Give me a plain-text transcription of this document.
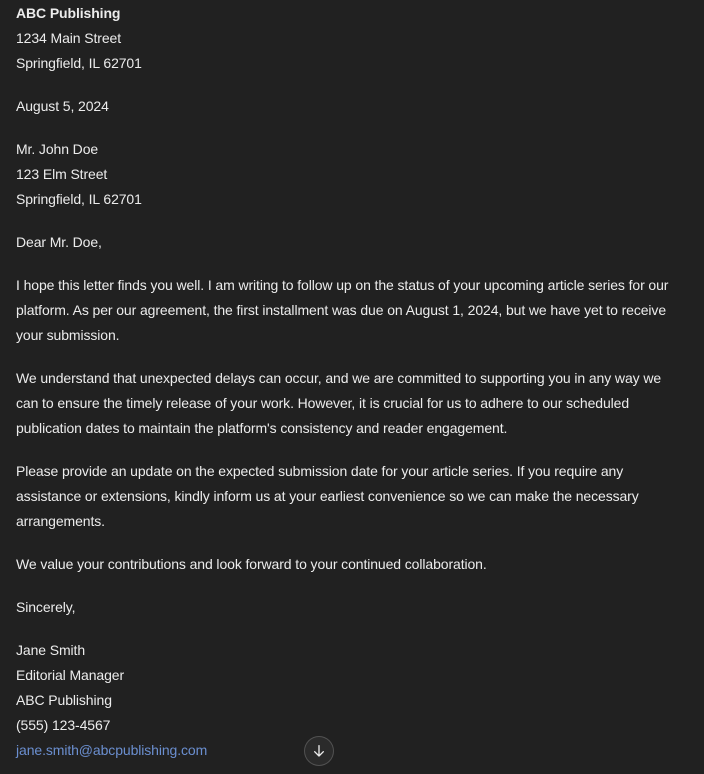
ABC Publishing
1234 Main Street
Springfield, IL 62701
August 5, 2024
Mr. John Doe
123 Elm Street
Springfield, IL 62701
Dear Mr. Doe,

I hope this letter finds you well. I am writing to follow up on the status of your upcoming article series for our platform. As per our agreement, the first installment was due on August 1, 2024, but we have yet to receive your submission.

We understand that unexpected delays can occur, and we are committed to supporting you in any way we can to ensure the timely release of your work. However, it is crucial for us to adhere to our scheduled publication dates to maintain the platform's consistency and reader engagement.

Please provide an update on the expected submission date for your article series. If you require any assistance or extensions, kindly inform us at your earliest convenience so we can make the necessary arrangements.

We value your contributions and look forward to your continued collaboration.

Sincerely,
Jane Smith
Editorial Manager
ABC Publishing
(555) 123-4567
jane.smith@abcpublishing.com
